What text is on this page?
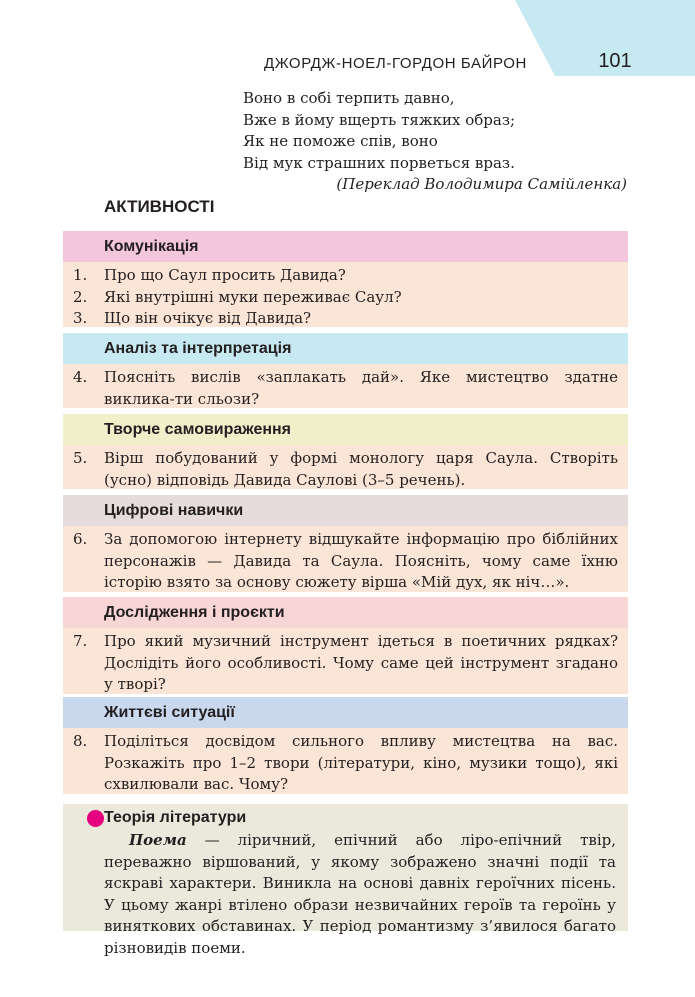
ДЖОРДЖ-НОЕЛ-ГОРДОН БАЙРОН	101
Воно в собі терпить давно,
Вже в йому вщерть тяжких образ;
Як не поможе спів, воно
Від мук страшних порветься враз.
(Переклад Володимира Самійленка)
АКТИВНОСТІ
Комунікація
1.	Про що Саул просить Давида?
2.	Які внутрішні муки переживає Саул?
3.	Що він очікує від Давида?
Аналіз та інтерпретація
4.	Поясніть вислів «заплакать дай». Яке мистецтво здатне виклика-ти сльози?
Творче самовираження
5.	Вірш побудований у формі монологу царя Саула. Створіть (усно) відповідь Давида Саулові (3–5 речень).
Цифрові навички
6.	За допомогою інтернету відшукайте інформацію про біблійних персонажів — Давида та Саула. Поясніть, чому саме їхню історію взято за основу сюжету вірша «Мій дух, як ніч…».
Дослідження і проєкти
7.	Про який музичний інструмент ідеться в поетичних рядках? Дослідіть його особливості. Чому саме цей інструмент згадано у творі?
Життєві ситуації
8.	Поділіться досвідом сильного впливу мистецтва на вас. Розкажіть про 1–2 твори (літератури, кіно, музики тощо), які схвилювали вас. Чому?
Теорія літератури
Поема — ліричний, епічний або ліро-епічний твір, переважно віршований, у якому зображено значні події та яскраві характери. Виникла на основі давніх героїчних пісень. У цьому жанрі втілено образи незвичайних героїв та героїнь у виняткових обставинах. У період романтизму з’явилося багато різновидів поеми.
